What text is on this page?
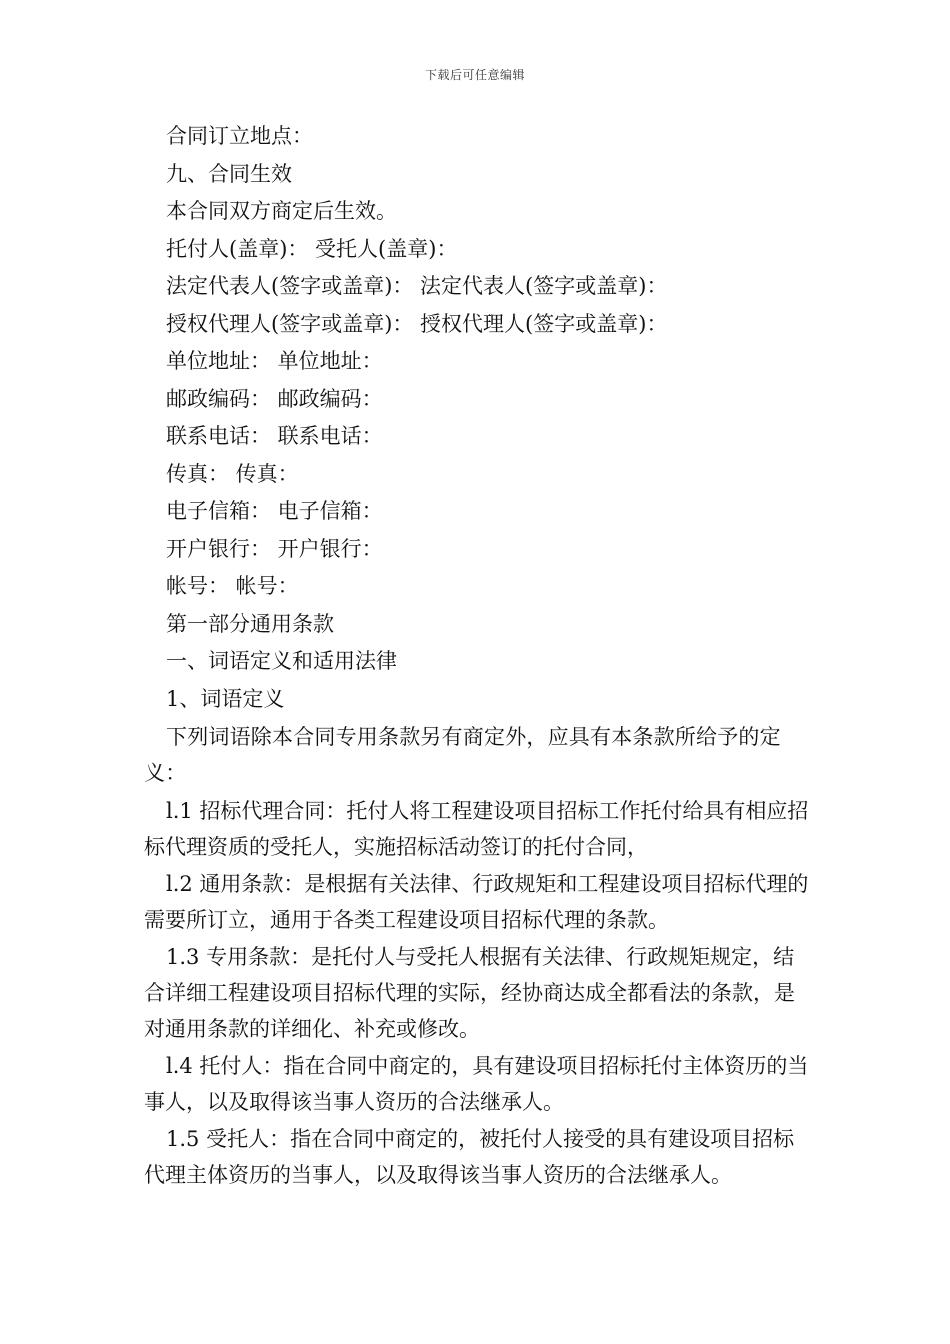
下载后可任意编辑
合同订立地点：
九、合同生效
本合同双方商定后生效。
托付人(盖章)： 受托人(盖章)：
法定代表人(签字或盖章)： 法定代表人(签字或盖章)：
授权代理人(签字或盖章)： 授权代理人(签字或盖章)：
单位地址： 单位地址：
邮政编码： 邮政编码：
联系电话： 联系电话：
传真： 传真：
电子信箱： 电子信箱：
开户银行： 开户银行：
帐号： 帐号：
第一部分通用条款
一、词语定义和适用法律
1、词语定义
下列词语除本合同专用条款另有商定外，应具有本条款所给予的定义：
l.1 招标代理合同：托付人将工程建设项目招标工作托付给具有相应招标代理资质的受托人，实施招标活动签订的托付合同，
l.2 通用条款：是根据有关法律、行政规矩和工程建设项目招标代理的需要所订立，通用于各类工程建设项目招标代理的条款。
1.3 专用条款：是托付人与受托人根据有关法律、行政规矩规定，结合详细工程建设项目招标代理的实际，经协商达成全都看法的条款，是对通用条款的详细化、补充或修改。
l.4 托付人：指在合同中商定的，具有建设项目招标托付主体资历的当事人，以及取得该当事人资历的合法继承人。
1.5 受托人：指在合同中商定的，被托付人接受的具有建设项目招标代理主体资历的当事人，以及取得该当事人资历的合法继承人。
